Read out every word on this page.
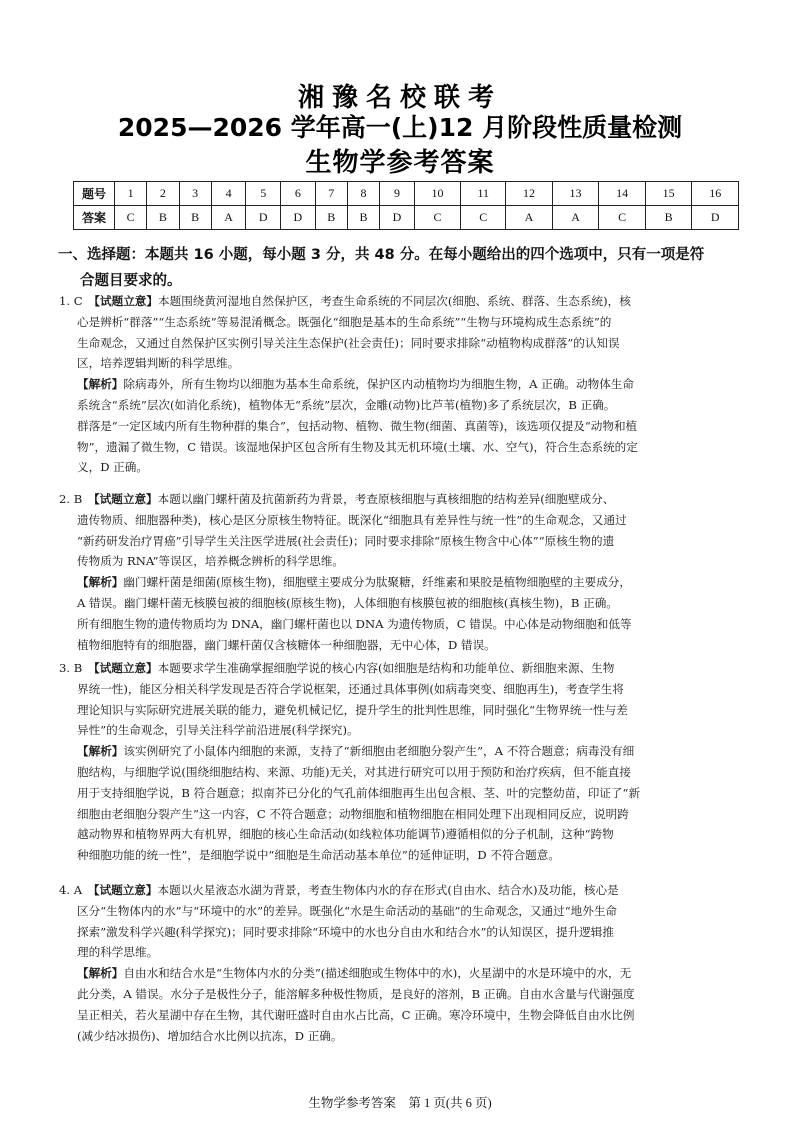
湘豫名校联考
2025—2026 学年高一(上)12 月阶段性质量检测
生物学参考答案
题号	1	2	3	4	5	6	7	8	9	10	11	12	13	14	15	16
答案	C	B	B	A	D	D	B	B	D	C	C	A	A	C	B	D
一、选择题：本题共 16 小题，每小题 3 分，共 48 分。在每小题给出的四个选项中，只有一项是符
合题目要求的。

1. C　 【试题立意】本题围绕黄河湿地自然保护区，考查生命系统的不同层次(细胞、系统、群落、生态系统)，核

心是辨析“群落”“生态系统”等易混淆概念。既强化“细胞是基本的生命系统”“生物与环境构成生态系统”的

生命观念，又通过自然保护区实例引导关注生态保护(社会责任)；同时要求排除“动植物构成群落”的认知误

区，培养逻辑判断的科学思维。

【解析】除病毒外，所有生物均以细胞为基本生命系统，保护区内动植物均为细胞生物，A 正确。动物体生命

系统含“系统”层次(如消化系统)，植物体无“系统”层次，金雕(动物)比芦苇(植物)多了系统层次，B 正确。

群落是“一定区域内所有生物种群的集合”，包括动物、植物、微生物(细菌、真菌等)，该选项仅提及“动物和植

物”，遗漏了微生物，C 错误。该湿地保护区包含所有生物及其无机环境(土壤、水、空气)，符合生态系统的定

义，D 正确。

2. B　 【试题立意】本题以幽门螺杆菌及抗菌新药为背景，考查原核细胞与真核细胞的结构差异(细胞壁成分、

遗传物质、细胞器种类)，核心是区分原核生物特征。既深化“细胞具有差异性与统一性”的生命观念，又通过

“新药研发治疗胃癌”引导学生关注医学进展(社会责任)；同时要求排除“原核生物含中心体”“原核生物的遗

传物质为 RNA”等误区，培养概念辨析的科学思维。

【解析】幽门螺杆菌是细菌(原核生物)，细胞壁主要成分为肽聚糖，纤维素和果胶是植物细胞壁的主要成分，

A 错误。幽门螺杆菌无核膜包被的细胞核(原核生物)，人体细胞有核膜包被的细胞核(真核生物)，B 正确。

所有细胞生物的遗传物质均为 DNA，幽门螺杆菌也以 DNA 为遗传物质，C 错误。中心体是动物细胞和低等

植物细胞特有的细胞器，幽门螺杆菌仅含核糖体一种细胞器，无中心体，D 错误。

3. B　 【试题立意】本题要求学生准确掌握细胞学说的核心内容(如细胞是结构和功能单位、新细胞来源、生物

界统一性)，能区分相关科学发现是否符合学说框架，还通过具体事例(如病毒突变、细胞再生)，考查学生将

理论知识与实际研究进展关联的能力，避免机械记忆，提升学生的批判性思维，同时强化“生物界统一性与差

异性”的生命观念，引导关注科学前沿进展(科学探究)。

【解析】该实例研究了小鼠体内细胞的来源，支持了“新细胞由老细胞分裂产生”，A 不符合题意；病毒没有细

胞结构，与细胞学说(围绕细胞结构、来源、功能)无关，对其进行研究可以用于预防和治疗疾病，但不能直接

用于支持细胞学说，B 符合题意；拟南芥已分化的气孔前体细胞再生出包含根、茎、叶的完整幼苗，印证了“新

细胞由老细胞分裂产生”这一内容，C 不符合题意；动物细胞和植物细胞在相同处理下出现相同反应，说明跨

越动物界和植物界两大有机界，细胞的核心生命活动(如线粒体功能调节)遵循相似的分子机制，这种“跨物

种细胞功能的统一性”，是细胞学说中“细胞是生命活动基本单位”的延伸证明，D 不符合题意。

4. A　 【试题立意】本题以火星液态水湖为背景，考查生物体内水的存在形式(自由水、结合水)及功能，核心是

区分“生物体内的水”与“环境中的水”的差异。既强化“水是生命活动的基础”的生命观念，又通过“地外生命

探索”激发科学兴趣(科学探究)；同时要求排除“环境中的水也分自由水和结合水”的认知误区，提升逻辑推

理的科学思维。

【解析】自由水和结合水是“生物体内水的分类”(描述细胞或生物体中的水)，火星湖中的水是环境中的水，无

此分类，A 错误。水分子是极性分子，能溶解多种极性物质，是良好的溶剂，B 正确。自由水含量与代谢强度

呈正相关，若火星湖中存在生物，其代谢旺盛时自由水占比高，C 正确。寒冷环境中，生物会降低自由水比例

(减少结冰损伤)、增加结合水比例以抗冻，D 正确。

生物学参考答案　第 1 页(共 6 页)
